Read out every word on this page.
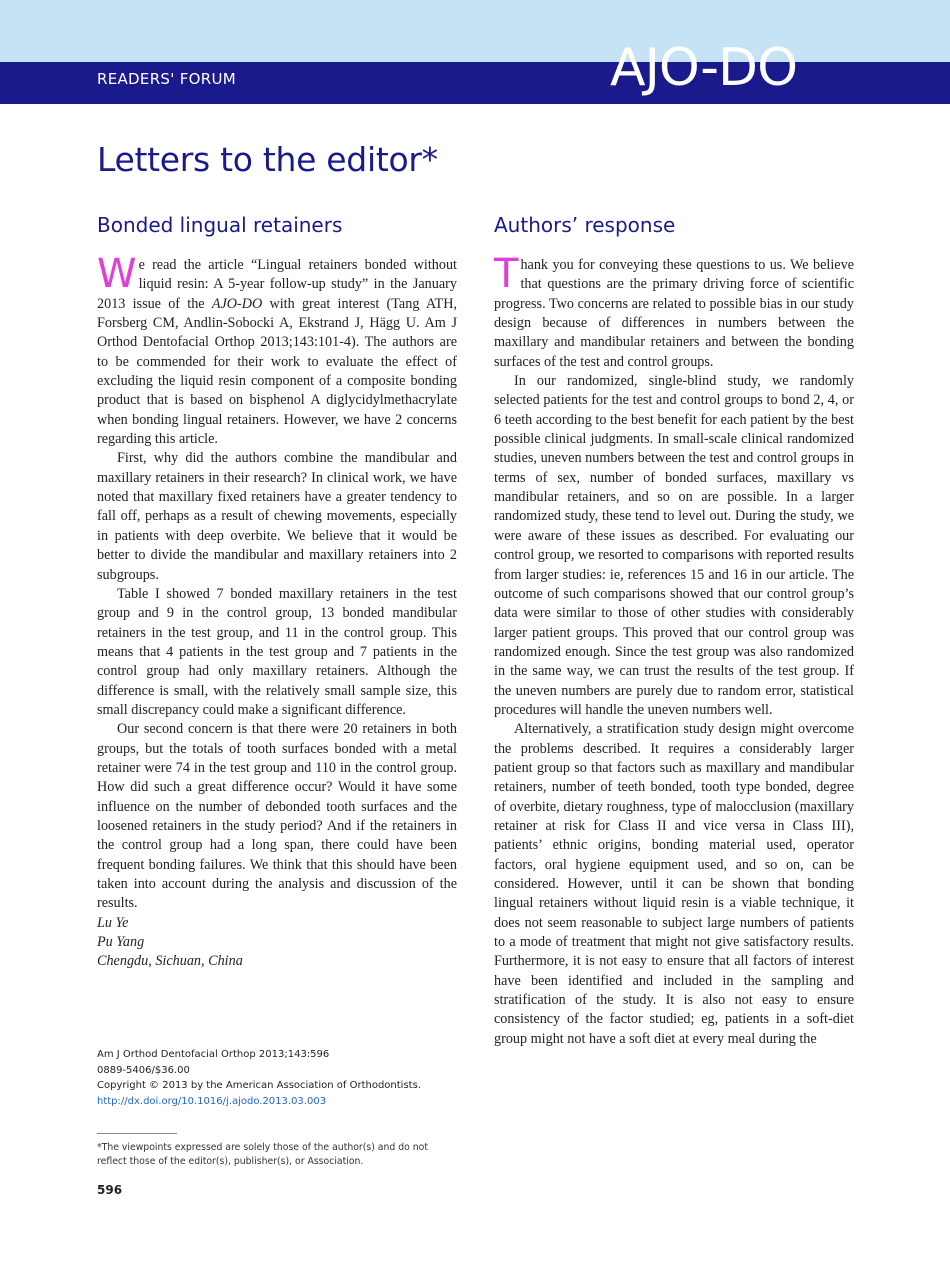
READERS' FORUM	AJO-DO
Letters to the editor*
Bonded lingual retainers	Authors’ response

We read the article “Lingual retainers bonded without liquid resin: A 5-year follow-up study” in the January 2013 issue of the AJO-DO with great interest (Tang ATH, Forsberg CM, Andlin-Sobocki A, Ekstrand J, Hägg U. Am J Orthod Dentofacial Orthop 2013;143:101-4). The authors are to be commended for their work to evaluate the effect of excluding the liquid resin component of a composite bonding product that is based on bisphenol A diglycidylmethacrylate when bonding lingual retainers. However, we have 2 concerns regarding this article.

First, why did the authors combine the mandibular and maxillary retainers in their research? In clinical work, we have noted that maxillary fixed retainers have a greater tendency to fall off, perhaps as a result of chewing movements, especially in patients with deep overbite. We believe that it would be better to divide the mandibular and maxillary retainers into 2 subgroups.

Table I showed 7 bonded maxillary retainers in the test group and 9 in the control group, 13 bonded mandibular retainers in the test group, and 11 in the control group. This means that 4 patients in the test group and 7 patients in the control group had only maxillary retainers. Although the difference is small, with the relatively small sample size, this small discrepancy could make a significant difference.

Our second concern is that there were 20 retainers in both groups, but the totals of tooth surfaces bonded with a metal retainer were 74 in the test group and 110 in the control group. How did such a great difference occur? Would it have some influence on the number of debonded tooth surfaces and the loosened retainers in the study period? And if the retainers in the control group had a long span, there could have been frequent bonding failures. We think that this should have been taken into account during the analysis and discussion of the results.

Lu Ye

Pu Yang

Chengdu, Sichuan, China

Am J Orthod Dentofacial Orthop 2013;143:596
0889-5406/$36.00
Copyright © 2013 by the American Association of Orthodontists.
http://dx.doi.org/10.1016/j.ajodo.2013.03.003
*The viewpoints expressed are solely those of the author(s) and do not reflect those of the editor(s), publisher(s), or Association.
596

Thank you for conveying these questions to us. We believe that questions are the primary driving force of scientific progress. Two concerns are related to possible bias in our study design because of differences in numbers between the maxillary and mandibular retainers and between the bonding surfaces of the test and control groups.

In our randomized, single-blind study, we randomly selected patients for the test and control groups to bond 2, 4, or 6 teeth according to the best benefit for each patient by the best possible clinical judgments. In small-scale clinical randomized studies, uneven numbers between the test and control groups in terms of sex, number of bonded surfaces, maxillary vs mandibular retainers, and so on are possible. In a larger randomized study, these tend to level out. During the study, we were aware of these issues as described. For evaluating our control group, we resorted to comparisons with reported results from larger studies: ie, references 15 and 16 in our article. The outcome of such comparisons showed that our control group’s data were similar to those of other studies with considerably larger patient groups. This proved that our control group was randomized enough. Since the test group was also randomized in the same way, we can trust the results of the test group. If the uneven numbers are purely due to random error, statistical procedures will handle the uneven numbers well.

Alternatively, a stratification study design might overcome the problems described. It requires a considerably larger patient group so that factors such as maxillary and mandibular retainers, number of teeth bonded, tooth type bonded, degree of overbite, dietary roughness, type of malocclusion (maxillary retainer at risk for Class II and vice versa in Class III), patients’ ethnic origins, bonding material used, operator factors, oral hygiene equipment used, and so on, can be considered. However, until it can be shown that bonding lingual retainers without liquid resin is a viable technique, it does not seem reasonable to subject large numbers of patients to a mode of treatment that might not give satisfactory results. Furthermore, it is not easy to ensure that all factors of interest have been identified and included in the sampling and stratification of the study. It is also not easy to ensure consistency of the factor studied; eg, patients in a soft-diet group might not have a soft diet at every meal during the
